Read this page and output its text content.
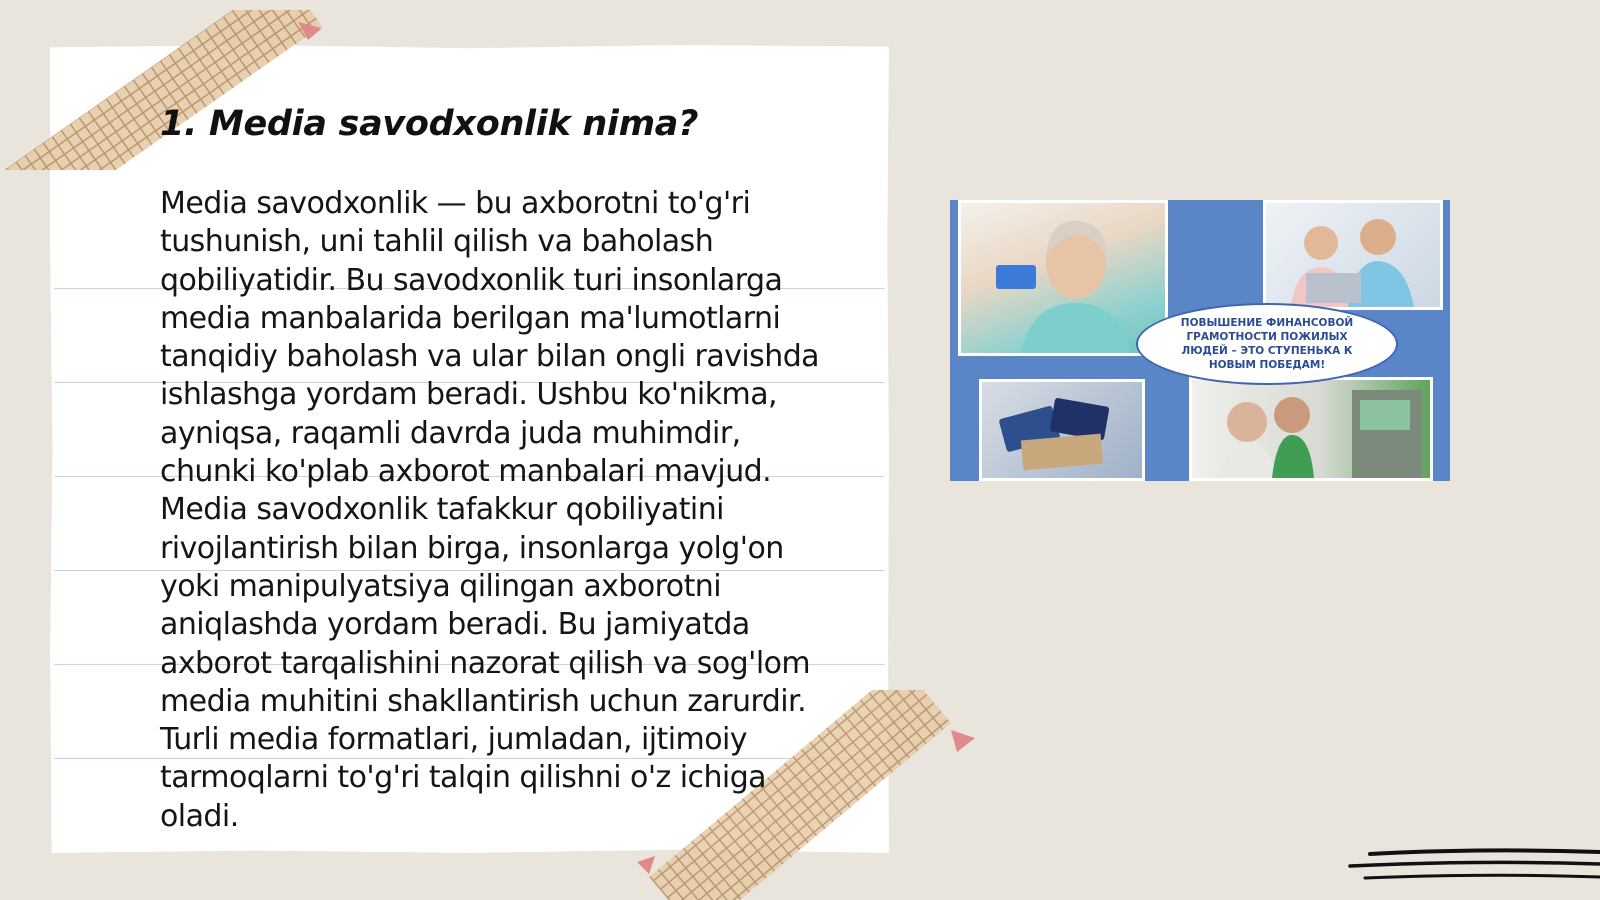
1. Media savodxonlik nima?

Media savodxonlik — bu axborotni to'g'ri
tushunish, uni tahlil qilish va baholash
qobiliyatidir. Bu savodxonlik turi insonlarga
media manbalarida berilgan ma'lumotlarni
tanqidiy baholash va ular bilan ongli ravishda
ishlashga yordam beradi. Ushbu ko'nikma,
ayniqsa, raqamli davrda juda muhimdir,
chunki ko'plab axborot manbalari mavjud.
Media savodxonlik tafakkur qobiliyatini
rivojlantirish bilan birga, insonlarga yolg'on
yoki manipulyatsiya qilingan axborotni
aniqlashda yordam beradi. Bu jamiyatda
axborot tarqalishini nazorat qilish va sog'lom
media muhitini shakllantirish uchun zarurdir.
Turli media formatlari, jumladan, ijtimoiy
tarmoqlarni to'g'ri talqin qilishni o'z ichiga
oladi.

ПОВЫШЕНИЕ ФИНАНСОВОЙ ГРАМОТНОСТИ ПОЖИЛЫХ ЛЮДЕЙ – ЭТО СТУПЕНЬКА К НОВЫМ ПОБЕДАМ!
